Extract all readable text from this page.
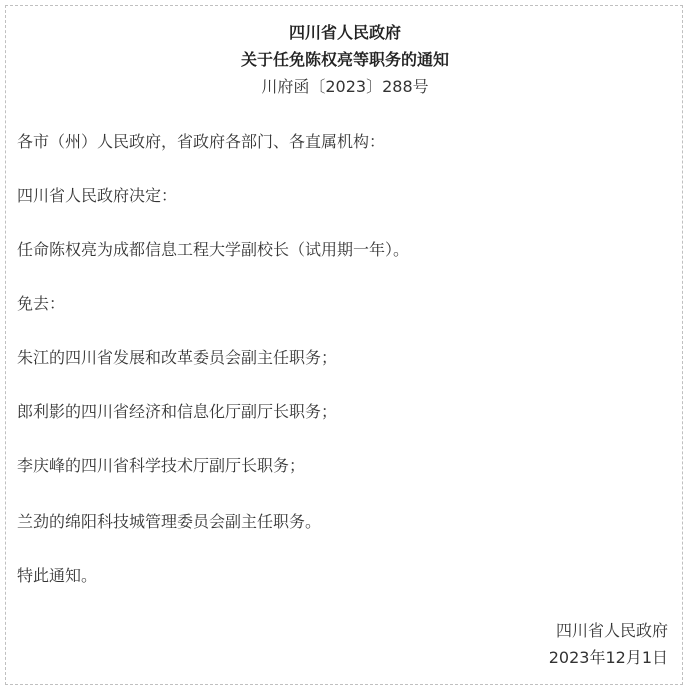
四川省人民政府
关于任免陈权亮等职务的通知
川府函〔2023〕288号
各市（州）人民政府，省政府各部门、各直属机构：
四川省人民政府决定：
任命陈权亮为成都信息工程大学副校长（试用期一年）。
免去：
朱江的四川省发展和改革委员会副主任职务；
郎利影的四川省经济和信息化厅副厅长职务；
李庆峰的四川省科学技术厅副厅长职务；
兰劲的绵阳科技城管理委员会副主任职务。
特此通知。
四川省人民政府
2023年12月1日
